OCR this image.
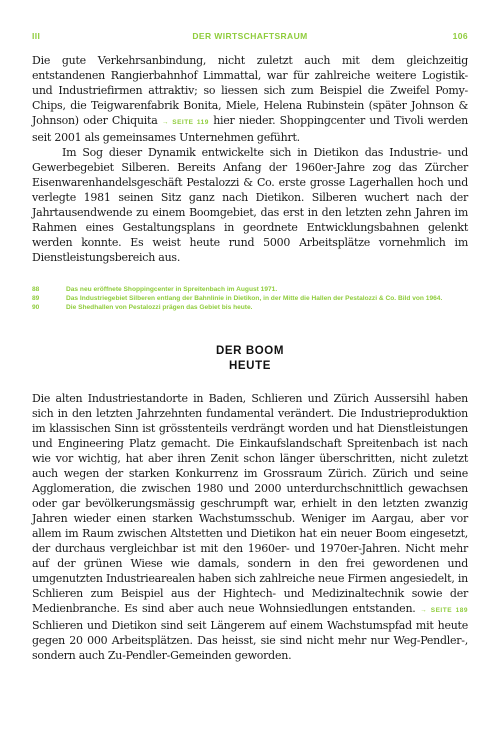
III	DER WIRTSCHAFTSRAUM	106

Die gute Verkehrsanbindung, nicht zuletzt auch mit dem gleichzeitig entstandenen Rangierbahnhof Limmattal, war für zahlreiche weitere Logistik- und Industriefirmen attraktiv; so liessen sich zum Beispiel die Zweifel Pomy-Chips, die Teigwarenfabrik Bonita, Miele, Helena Rubinstein (später Johnson & Johnson) oder Chiquita → SEITE 119 hier nieder. Shoppingcenter und Tivoli werden seit 2001 als gemeinsames Unternehmen geführt.

Im Sog dieser Dynamik entwickelte sich in Dietikon das Industrie- und Gewerbegebiet Silberen. Bereits Anfang der 1960er-Jahre zog das Zürcher Eisenwarenhandelsgeschäft Pestalozzi & Co. erste grosse Lagerhallen hoch und verlegte 1981 seinen Sitz ganz nach Dietikon. Silberen wuchert nach der Jahrtausendwende zu einem Boomgebiet, das erst in den letzten zehn Jahren im Rahmen eines Gestaltungsplans in geordnete Entwicklungsbahnen gelenkt werden konnte. Es weist heute rund 5000 Arbeitsplätze vornehmlich im Dienstleistungsbereich aus.

88	Das neu eröffnete Shoppingcenter in Spreitenbach im August 1971.
89	Das Industriegebiet Silberen entlang der Bahnlinie in Dietikon, in der Mitte die Hallen der Pestalozzi & Co. Bild von 1964.
90	Die Shedhallen von Pestalozzi prägen das Gebiet bis heute.
DER BOOM
HEUTE

Die alten Industriestandorte in Baden, Schlieren und Zürich Aussersihl haben sich in den letzten Jahrzehnten fundamental verändert. Die Industrieproduktion im klassischen Sinn ist grösstenteils verdrängt worden und hat Dienstleistungen und Engineering Platz gemacht. Die Einkaufslandschaft Spreitenbach ist nach wie vor wichtig, hat aber ihren Zenit schon länger überschritten, nicht zuletzt auch wegen der starken Konkurrenz im Grossraum Zürich. Zürich und seine Agglomeration, die zwischen 1980 und 2000 unterdurchschnittlich gewachsen oder gar bevölkerungsmässig geschrumpft war, erhielt in den letzten zwanzig Jahren wieder einen starken Wachstumsschub. Weniger im Aargau, aber vor allem im Raum zwischen Altstetten und Dietikon hat ein neuer Boom eingesetzt, der durchaus vergleichbar ist mit den 1960er- und 1970er-Jahren. Nicht mehr auf der grünen Wiese wie damals, sondern in den frei gewordenen und umgenutzten Industriearealen haben sich zahlreiche neue Firmen angesiedelt, in Schlieren zum Beispiel aus der Hightech- und Medizinaltechnik sowie der Medienbranche. Es sind aber auch neue Wohnsiedlungen entstanden. → SEITE 189 Schlieren und Dietikon sind seit Längerem auf einem Wachstumspfad mit heute gegen 20 000 Arbeitsplätzen. Das heisst, sie sind nicht mehr nur Weg-Pendler-, sondern auch Zu-Pendler-Gemeinden geworden.
